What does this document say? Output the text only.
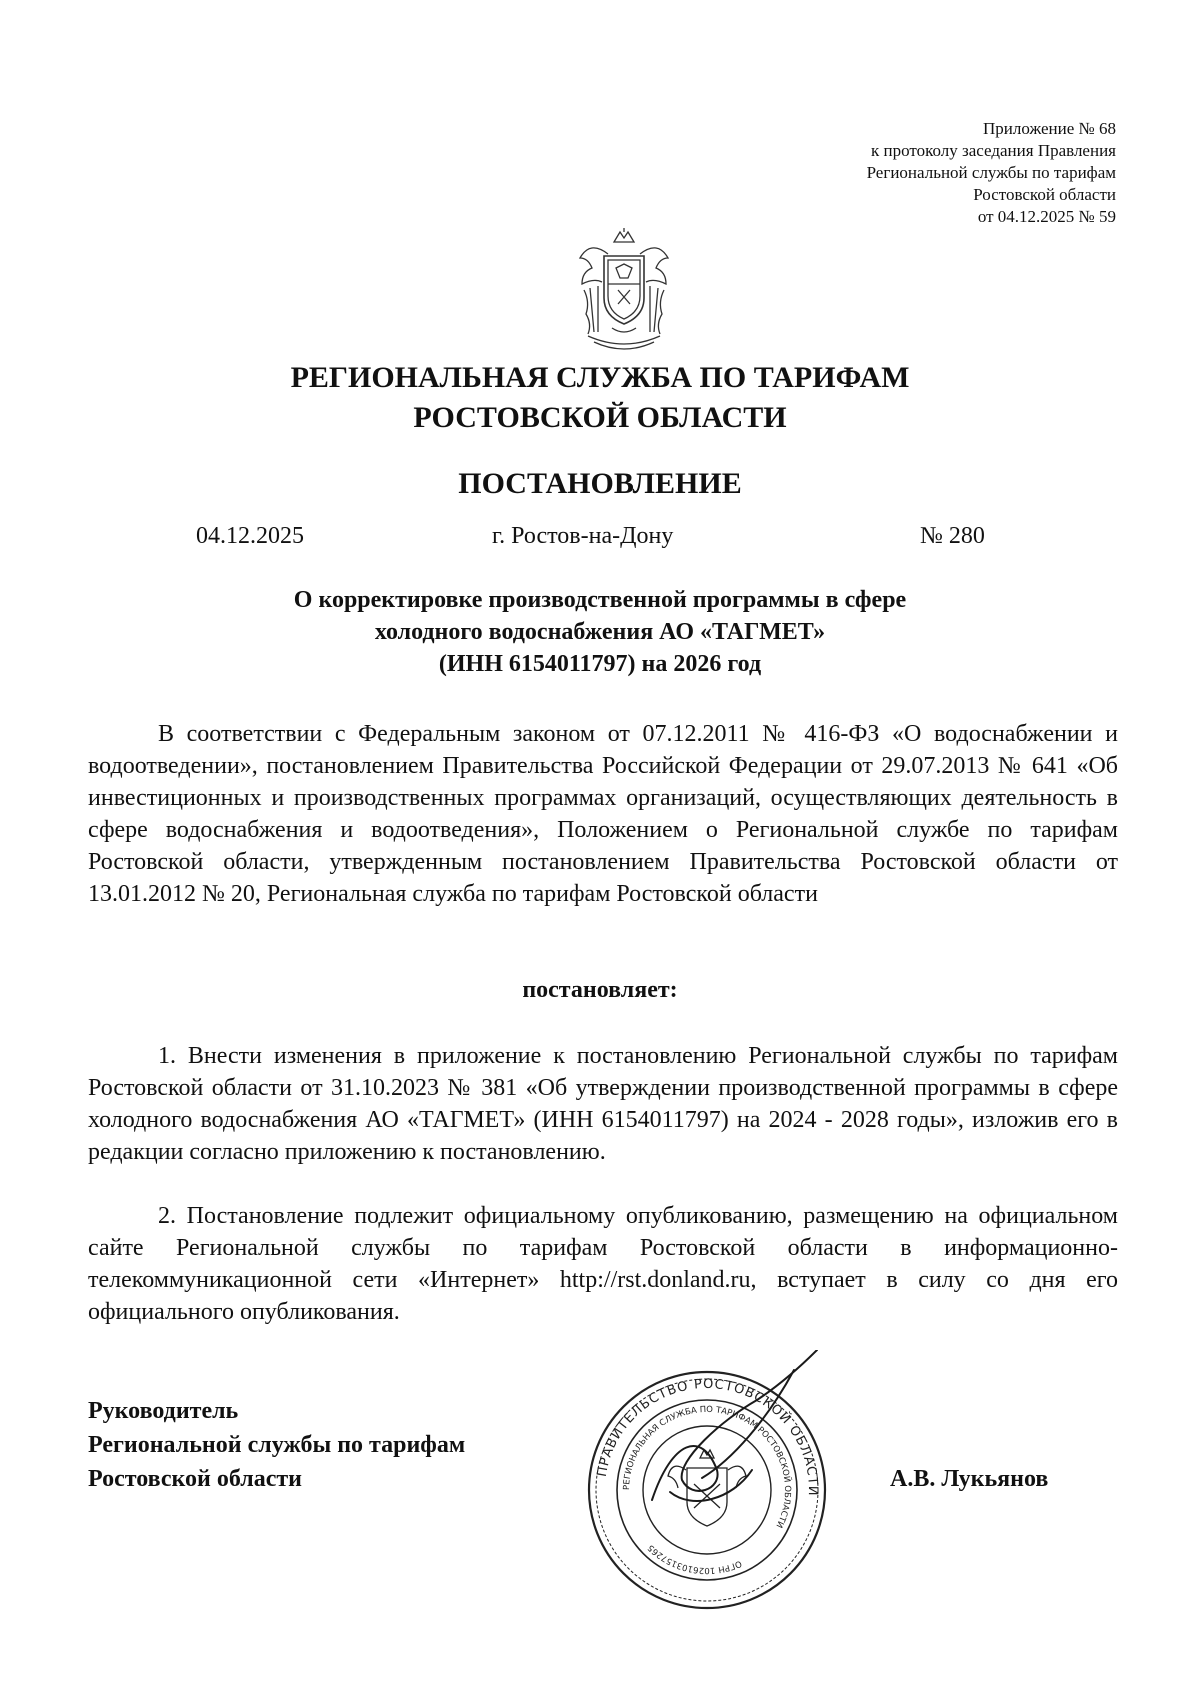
Приложение № 68
к протоколу заседания Правления
Региональной службы по тарифам
Ростовской области
от 04.12.2025 № 59
РЕГИОНАЛЬНАЯ СЛУЖБА ПО ТАРИФАМ
РОСТОВСКОЙ ОБЛАСТИ
ПОСТАНОВЛЕНИЕ
04.12.2025	г. Ростов-на-Дону	№ 280
О корректировке производственной программы в сфере
холодного водоснабжения АО «ТАГМЕТ»
(ИНН 6154011797) на 2026 год

В соответствии с Федеральным законом от 07.12.2011 № 416-ФЗ «О водоснабжении и водоотведении», постановлением Правительства Российской Федерации от 29.07.2013 № 641 «Об инвестиционных и производственных программах организаций, осуществляющих деятельность в сфере водоснабжения и водоотведения», Положением о Региональной службе по тарифам Ростовской области, утвержденным постановлением Правительства Ростовской области от 13.01.2012 № 20, Региональная служба по тарифам Ростовской области

постановляет:

1. Внести изменения в приложение к постановлению Региональной службы по тарифам Ростовской области от 31.10.2023 № 381 «Об утверждении производственной программы в сфере холодного водоснабжения АО «ТАГМЕТ» (ИНН 6154011797) на 2024 - 2028 годы», изложив его в редакции согласно приложению к постановлению.

2. Постановление подлежит официальному опубликованию, размещению на официальном сайте Региональной службы по тарифам Ростовской области в информационно-телекоммуникационной сети «Интернет» http://rst.donland.ru, вступает в силу со дня его официального опубликования.

Руководитель
Региональной службы по тарифам
Ростовской области	ПРАВИТЕЛЬСТВО РОСТОВСКОЙ ОБЛАСТИ
РЕГИОНАЛЬНАЯ СЛУЖБА ПО ТАРИФАМ РОСТОВСКОЙ ОБЛАСТИ
ОГРН 1026103157265
А.В. Лукьянов
